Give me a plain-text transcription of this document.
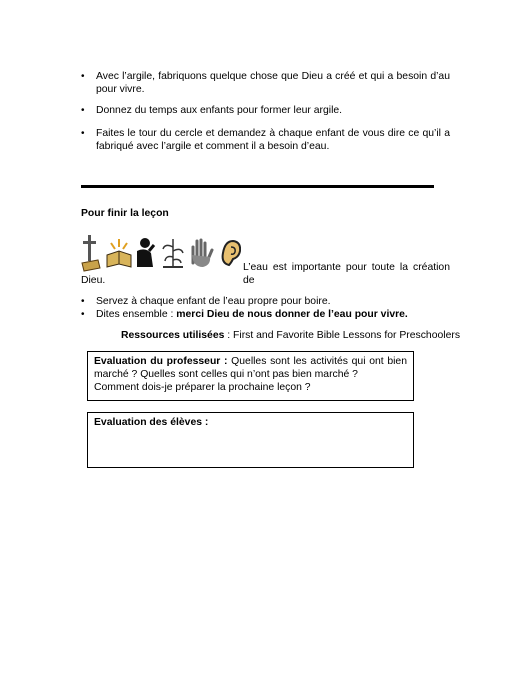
• Avec l’argile, fabriquons quelque chose que Dieu a créé et qui a besoin d’au pour vivre.
• Donnez du temps aux enfants pour former leur argile.
• Faites le tour du cercle et demandez à chaque enfant de vous dire ce qu’il a fabriqué avec l’argile et comment il a besoin d’eau.
Pour finir la leçon
L’eau est importante pour toute la création de
Dieu.
• Servez à chaque enfant de l’eau propre pour boire.
• Dites ensemble : merci Dieu de nous donner de l’eau pour vivre.
Ressources utilisées : First and Favorite Bible Lessons for Preschoolers
Evaluation du professeur : Quelles sont les activités qui ont bien
marché ? Quelles sont celles qui n’ont pas bien marché ?
Comment dois-je préparer la prochaine leçon ?
Evaluation des élèves :
